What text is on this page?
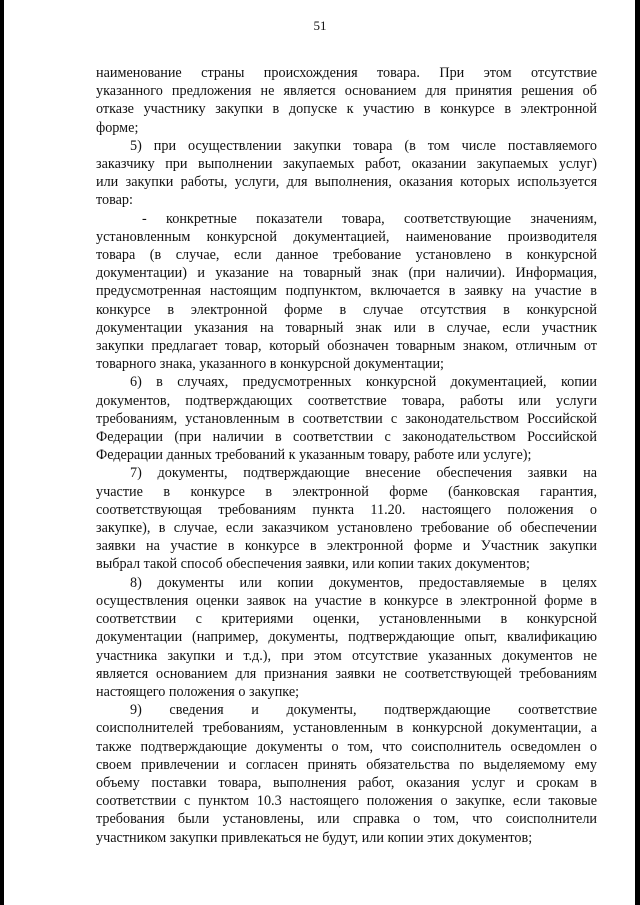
51

наименование страны происхождения товара. При этом отсутствие

указанного предложения не является основанием для принятия решения об

отказе участнику закупки в допуске к участию в конкурсе в электронной

форме;

5) при осуществлении закупки товара (в том числе поставляемого

заказчику при выполнении закупаемых работ, оказании закупаемых услуг)

или закупки работы, услуги, для выполнения, оказания которых используется

товар:

- конкретные показатели товара, соответствующие значениям,

установленным конкурсной документацией, наименование производителя

товара (в случае, если данное требование установлено в конкурсной

документации) и указание на товарный знак (при наличии). Информация,

предусмотренная настоящим подпунктом, включается в заявку на участие в

конкурсе в электронной форме в случае отсутствия в конкурсной

документации указания на товарный знак или в случае, если участник

закупки предлагает товар, который обозначен товарным знаком, отличным от

товарного знака, указанного в конкурсной документации;

6) в случаях, предусмотренных конкурсной документацией, копии

документов, подтверждающих соответствие товара, работы или услуги

требованиям, установленным в соответствии с законодательством Российской

Федерации (при наличии в соответствии с законодательством Российской

Федерации данных требований к указанным товару, работе или услуге);

7) документы, подтверждающие внесение обеспечения заявки на

участие в конкурсе в электронной форме (банковская гарантия,

соответствующая требованиям пункта 11.20. настоящего положения о

закупке), в случае, если заказчиком установлено требование об обеспечении

заявки на участие в конкурсе в электронной форме и Участник закупки

выбрал такой способ обеспечения заявки, или копии таких документов;

8) документы или копии документов, предоставляемые в целях

осуществления оценки заявок на участие в конкурсе в электронной форме в

соответствии с критериями оценки, установленными в конкурсной

документации (например, документы, подтверждающие опыт, квалификацию

участника закупки и т.д.), при этом отсутствие указанных документов не

является основанием для признания заявки не соответствующей требованиям

настоящего положения о закупке;

9) сведения и документы, подтверждающие соответствие

соисполнителей требованиям, установленным в конкурсной документации, а

также подтверждающие документы о том, что соисполнитель осведомлен о

своем привлечении и согласен принять обязательства по выделяемому ему

объему поставки товара, выполнения работ, оказания услуг и срокам в

соответствии с пунктом 10.3 настоящего положения о закупке, если таковые

требования были установлены, или справка о том, что соисполнители

участником закупки привлекаться не будут, или копии этих документов;
